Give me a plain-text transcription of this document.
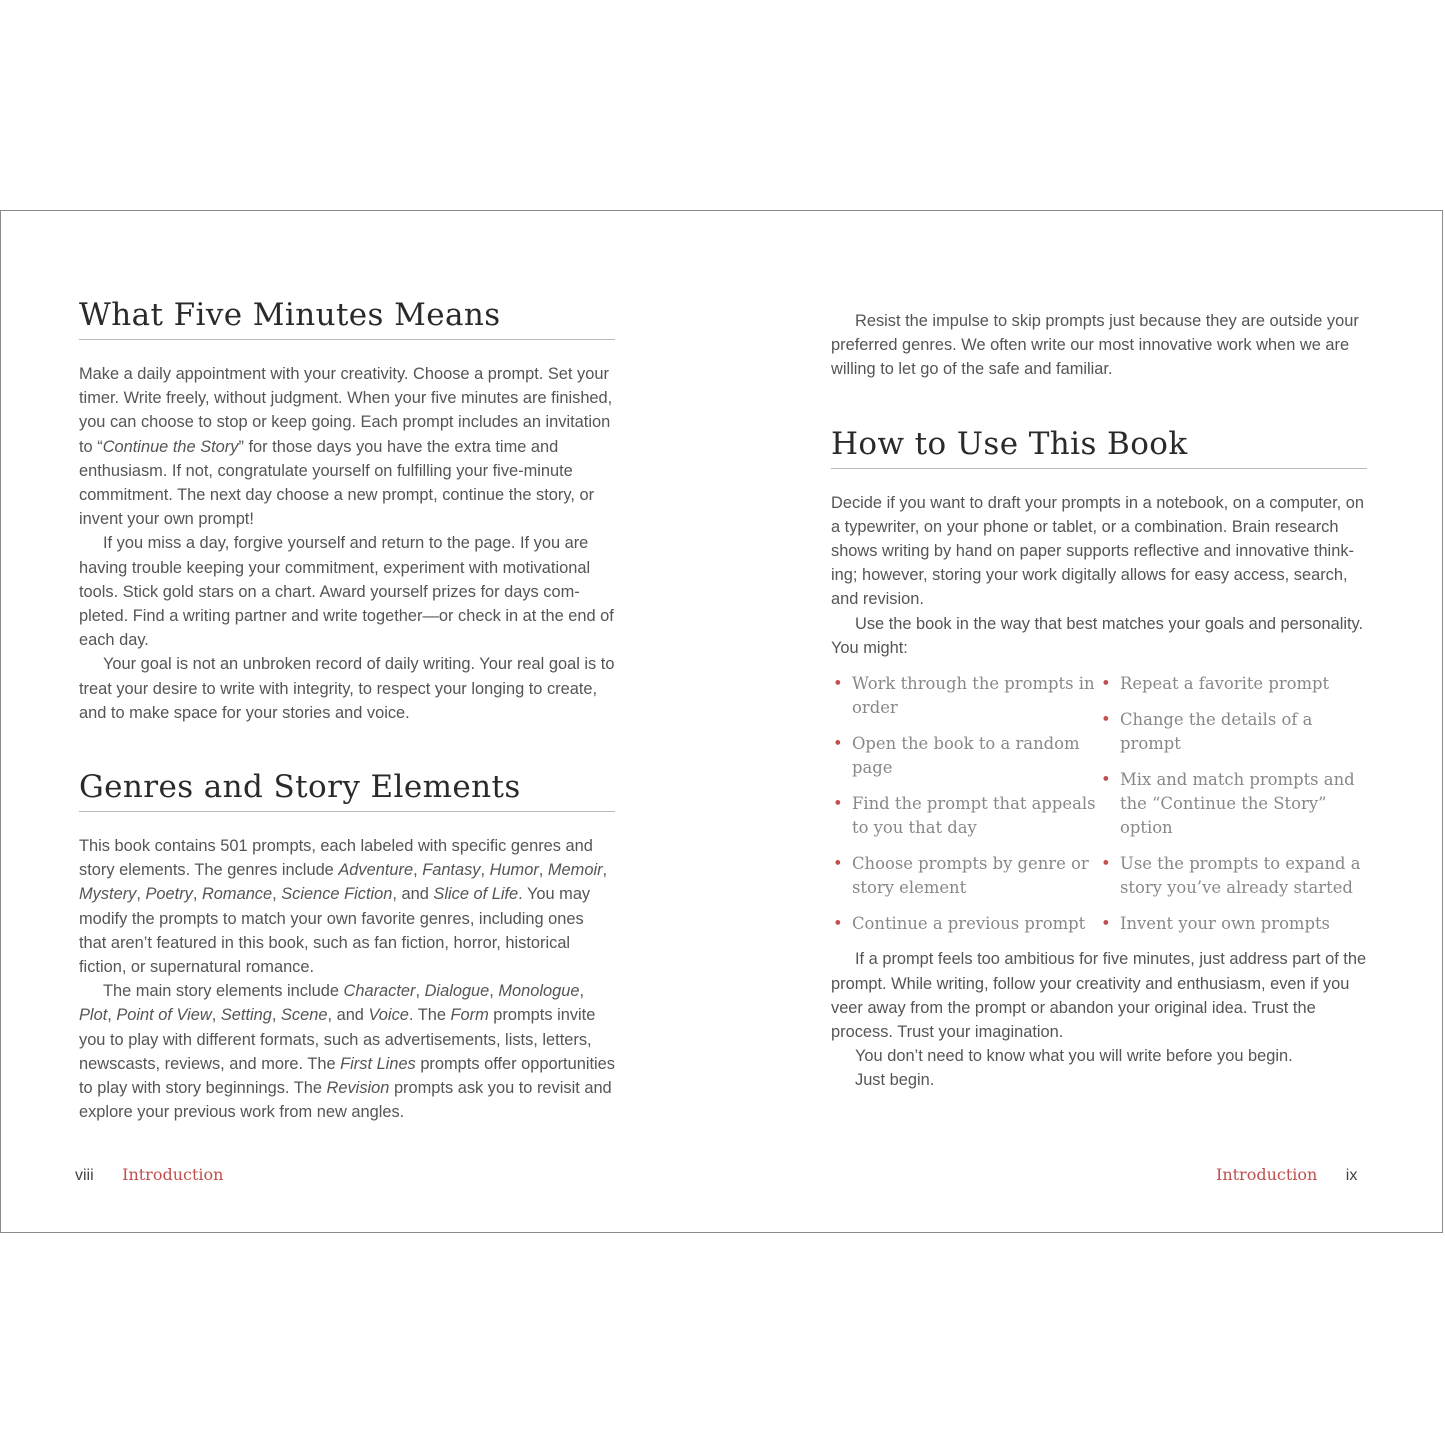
What Five Minutes Means

Make a daily appointment with your creativity. Choose a prompt. Set your timer. Write freely, without judgment. When your five minutes are finished, you can choose to stop or keep going. Each prompt includes an invitation to “Continue the Story” for those days you have the extra time and enthusiasm. If not, congratulate yourself on fulfilling your five-minute commitment. The next day choose a new prompt, continue the story, or invent your own prompt!

If you miss a day, forgive yourself and return to the page. If you are having trouble keeping your commitment, experiment with motivational tools. Stick gold stars on a chart. Award yourself prizes for days com-pleted. Find a writing partner and write together—or check in at the end of each day.

Your goal is not an unbroken record of daily writing. Your real goal is to treat your desire to write with integrity, to respect your longing to create, and to make space for your stories and voice.

Genres and Story Elements

This book contains 501 prompts, each labeled with specific genres and story elements. The genres include Adventure, Fantasy, Humor, Memoir, Mystery, Poetry, Romance, Science Fiction, and Slice of Life. You may modify the prompts to match your own favorite genres, including ones that aren’t featured in this book, such as fan fiction, horror, historical fiction, or supernatural romance.

The main story elements include Character, Dialogue, Monologue, Plot, Point of View, Setting, Scene, and Voice. The Form prompts invite you to play with different formats, such as advertisements, lists, letters, newscasts, reviews, and more. The First Lines prompts offer opportunities to play with story beginnings. The Revision prompts ask you to revisit and explore your previous work from new angles.

viii Introduction

Resist the impulse to skip prompts just because they are outside your preferred genres. We often write our most innovative work when we are willing to let go of the safe and familiar.

How to Use This Book

Decide if you want to draft your prompts in a notebook, on a computer, on a typewriter, on your phone or tablet, or a combination. Brain research shows writing by hand on paper supports reflective and innovative think-ing; however, storing your work digitally allows for easy access, search, and revision.

Use the book in the way that best matches your goals and personality. You might:

• Work through the prompts in order
• Open the book to a random page
• Find the prompt that appeals to you that day
• Choose prompts by genre or story element
• Continue a previous prompt
• Repeat a favorite prompt
• Change the details of a prompt
• Mix and match prompts and the “Continue the Story” option
• Use the prompts to expand a story you’ve already started
• Invent your own prompts

If a prompt feels too ambitious for five minutes, just address part of the prompt. While writing, follow your creativity and enthusiasm, even if you veer away from the prompt or abandon your original idea. Trust the process. Trust your imagination.

You don’t need to know what you will write before you begin.

Just begin.

Introduction ix
